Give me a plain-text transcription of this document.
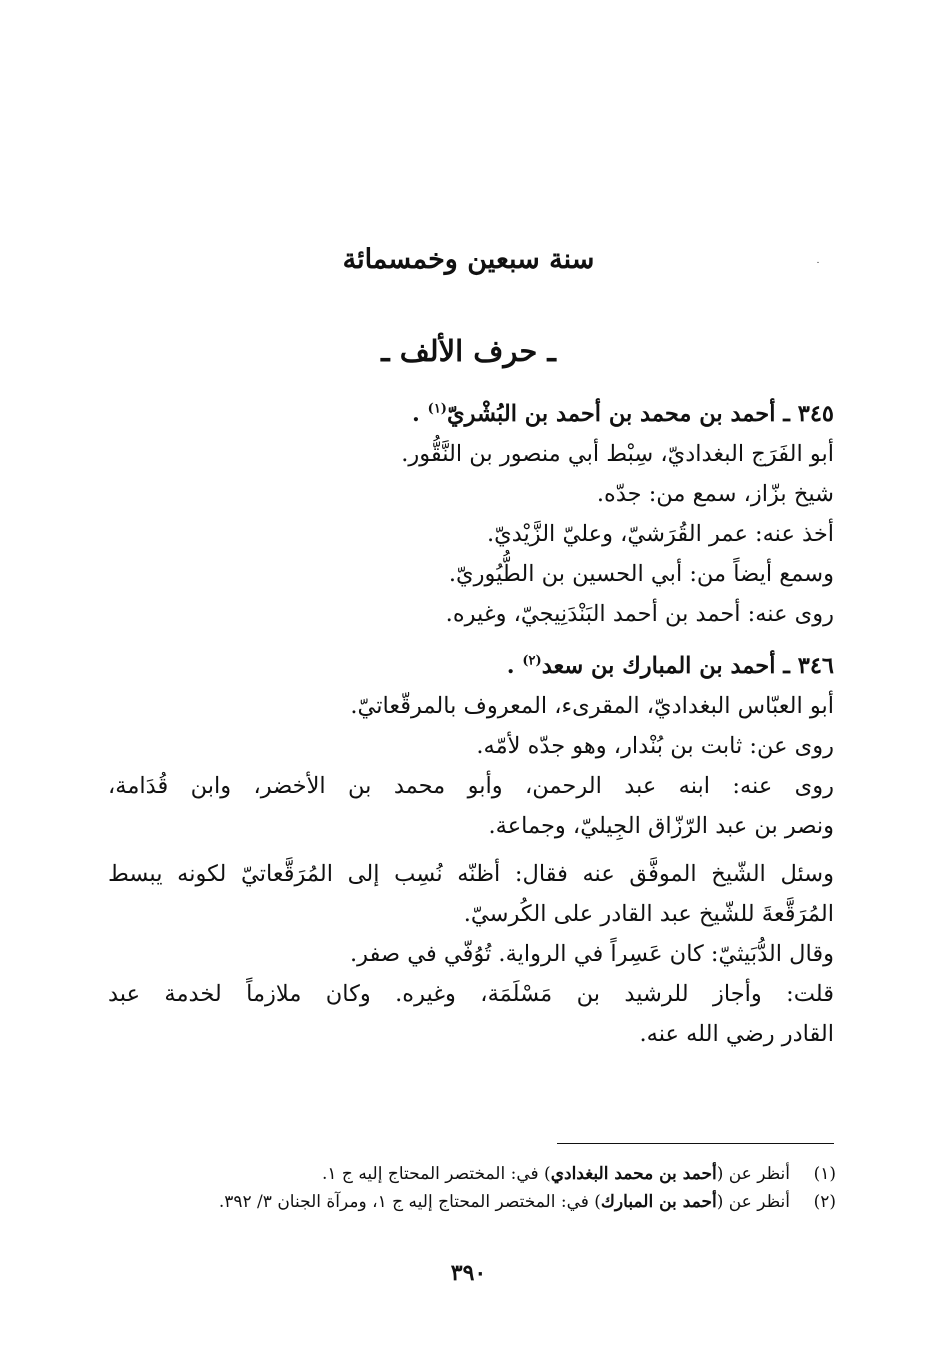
سنة سبعين وخمسمائة
ـ حرف الألف ـ
٣٤٥ ـ أحمد بن محمد بن أحمد بن البُشْريّ$^{(١)}$ .
أبو الفَرَج البغداديّ، سِبْط أبي منصور بن النَّقُّور.
شيخ بزّاز، سمع من: جدّه.
أخذ عنه: عمر القُرَشيّ، وعليّ الزَّيْديّ.
وسمع أيضاً من: أبي الحسين بن الطُّيُوريّ.
روى عنه: أحمد بن أحمد البَنْدَنِيجيّ، وغيره.
٣٤٦ ـ أحمد بن المبارك بن سعد$^{(٢)}$ .
أبو العبّاس البغداديّ، المقرىء، المعروف بالمرقّعاتيّ.
روى عن: ثابت بن بُنْدار، وهو جدّه لأمّه.
روى عنه: ابنه عبد الرحمن، وأبو محمد بن الأخضر، وابن قُدَامة،
ونصر بن عبد الرّزّاق الجِيليّ، وجماعة.
وسئل الشّيخ الموفَّق عنه فقال: أظنّه نُسِب إلى المُرَقَّعاتيّ لكونه يبسط
المُرَقَّعةَ للشّيخ عبد القادر على الكُرسيّ.
وقال الدُّبَيثيّ: كان عَسِراً في الرواية. تُوُفّي في صفر.
قلت: وأجاز للرشيد بن مَسْلَمَة، وغيره. وكان ملازماً لخدمة عبد
القادر رضي الله عنه.
(١)
أنظر عن (أحمد بن محمد البغدادي) في: المختصر المحتاج إليه ج ١.
(٢)
أنظر عن (أحمد بن المبارك) في: المختصر المحتاج إليه ج ١، ومرآة الجنان ٣/ ٣٩٢.
٣٩٠
